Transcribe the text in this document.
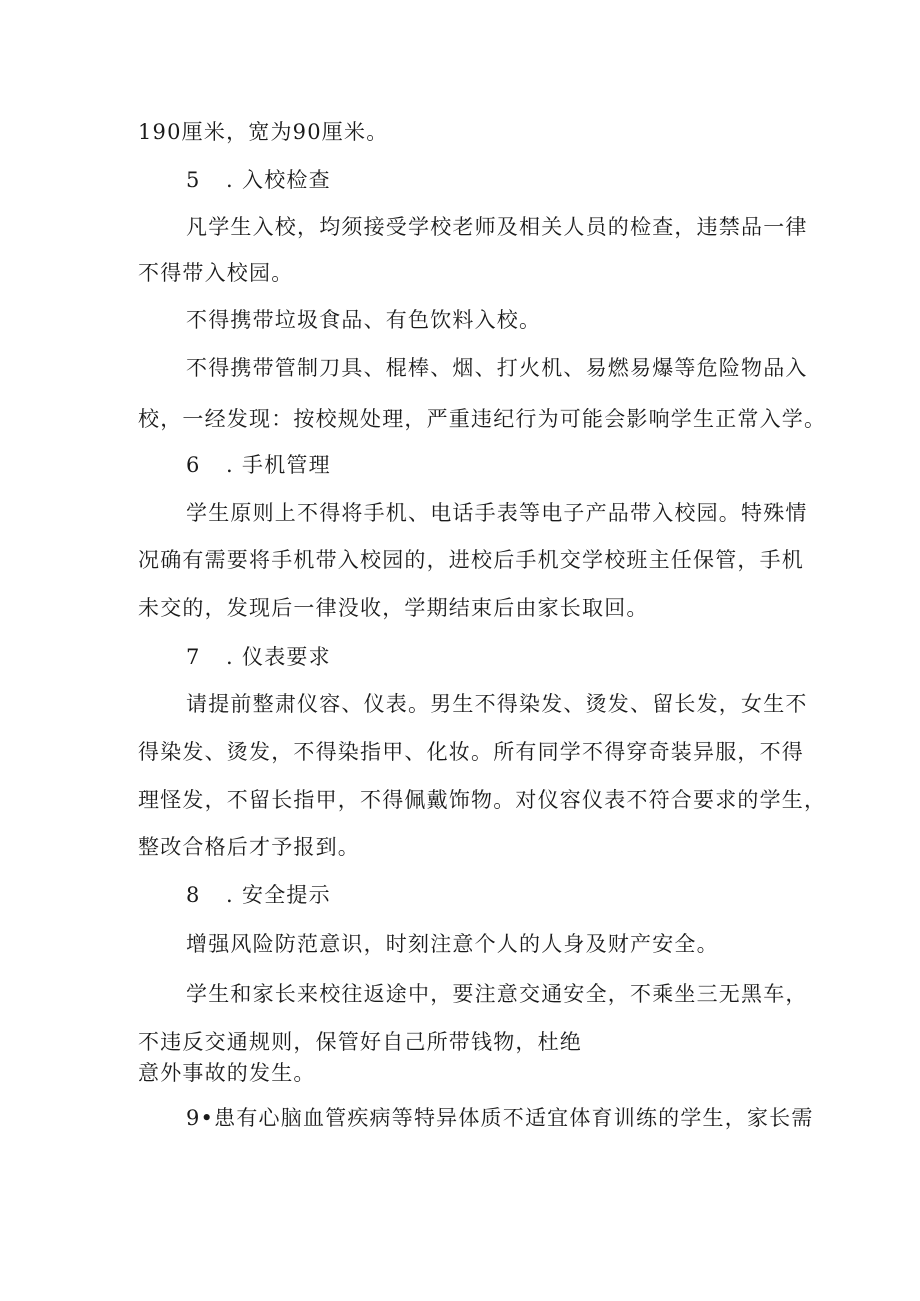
190厘米，宽为90厘米。
5 . 入校检查
凡学生入校，均须接受学校老师及相关人员的检查，违禁品一律
不得带入校园。
不得携带垃圾食品、有色饮料入校。
不得携带管制刀具、棍棒、烟、打火机、易燃易爆等危险物品入
校，一经发现：按校规处理，严重违纪行为可能会影响学生正常入学。
6 . 手机管理
学生原则上不得将手机、电话手表等电子产品带入校园。特殊情
况确有需要将手机带入校园的，进校后手机交学校班主任保管，手机
未交的，发现后一律没收，学期结束后由家长取回。
7 . 仪表要求
请提前整肃仪容、仪表。男生不得染发、烫发、留长发，女生不
得染发、烫发，不得染指甲、化妆。所有同学不得穿奇装异服，不得
理怪发，不留长指甲，不得佩戴饰物。对仪容仪表不符合要求的学生，
整改合格后才予报到。
8 . 安全提示
增强风险防范意识，时刻注意个人的人身及财产安全。
学生和家长来校往返途中，要注意交通安全，不乘坐三无黑车，
不违反交通规则，保管好自己所带钱物，杜绝
意外事故的发生。
9•患有心脑血管疾病等特异体质不适宜体育训练的学生，家长需
